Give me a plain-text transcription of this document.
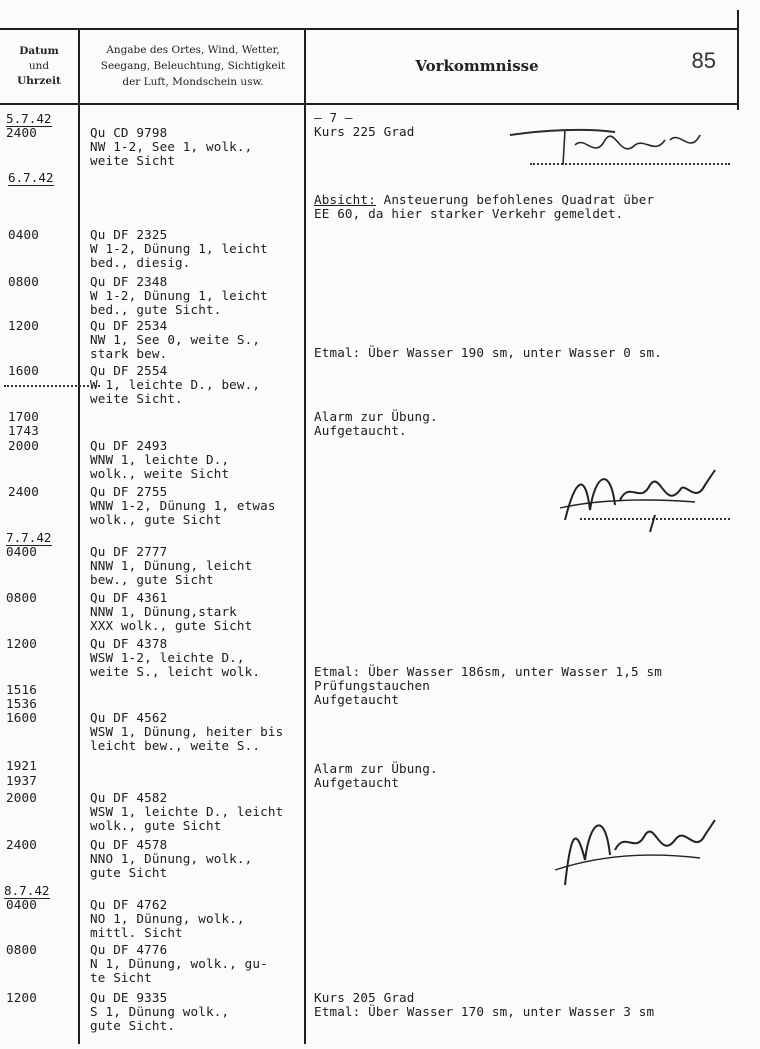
Datum
und
Uhrzeit
Angabe des Ortes, Wind, Wetter,
Seegang, Beleuchtung, Sichtigkeit
der Luft, Mondschein usw.
Vorkommnisse	85
5.7.42
2400
6.7.42
0400
0800
1200
1600
1700
1743
2000
2400
7.7.42
0400
0800
1200
1516
1536
1600
1921
1937
2000
2400
8.7.42
0400
0800
1200
Qu CD 9798
NW 1-2, See 1, wolk.,
weite Sicht
Qu DF 2325
W 1-2, Dünung 1, leicht
bed., diesig.
Qu DF 2348
W 1-2, Dünung 1, leicht
bed., gute Sicht.
Qu DF 2534
NW 1, See 0, weite S.,
stark bew.
Qu DF 2554
W 1, leichte D., bew.,
weite Sicht.
Qu DF 2493
WNW 1, leichte D.,
wolk., weite Sicht
Qu DF 2755
WNW 1-2, Dünung 1, etwas
wolk., gute Sicht
Qu DF 2777
NNW 1, Dünung, leicht
bew., gute Sicht
Qu DF 4361
NNW 1, Dünung,stark
XXX wolk., gute Sicht
Qu DF 4378
WSW 1-2, leichte D.,
weite S., leicht wolk.
Qu DF 4562
WSW 1, Dünung, heiter bis
leicht bew., weite S..
Qu DF 4582
WSW 1, leichte D., leicht
wolk., gute Sicht
Qu DF 4578
NNO 1, Dünung, wolk.,
gute Sicht
Qu DF 4762
NO 1, Dünung, wolk.,
mittl. Sicht
Qu DF 4776
N 1, Dünung, wolk., gu-
te Sicht
Qu DE 9335
S 1, Dünung wolk.,
gute Sicht.
— 7 —
Kurs 225 Grad
Absicht: Ansteuerung befohlenes Quadrat über
EE 60, da hier starker Verkehr gemeldet.
Etmal: Über Wasser 190 sm, unter Wasser 0 sm.
Alarm zur Übung.
Aufgetaucht.
Etmal: Über Wasser 186sm, unter Wasser 1,5 sm
Prüfungstauchen
Aufgetaucht
Alarm zur Übung.
Aufgetaucht
Kurs 205 Grad
Etmal: Über Wasser 170 sm, unter Wasser 3 sm
